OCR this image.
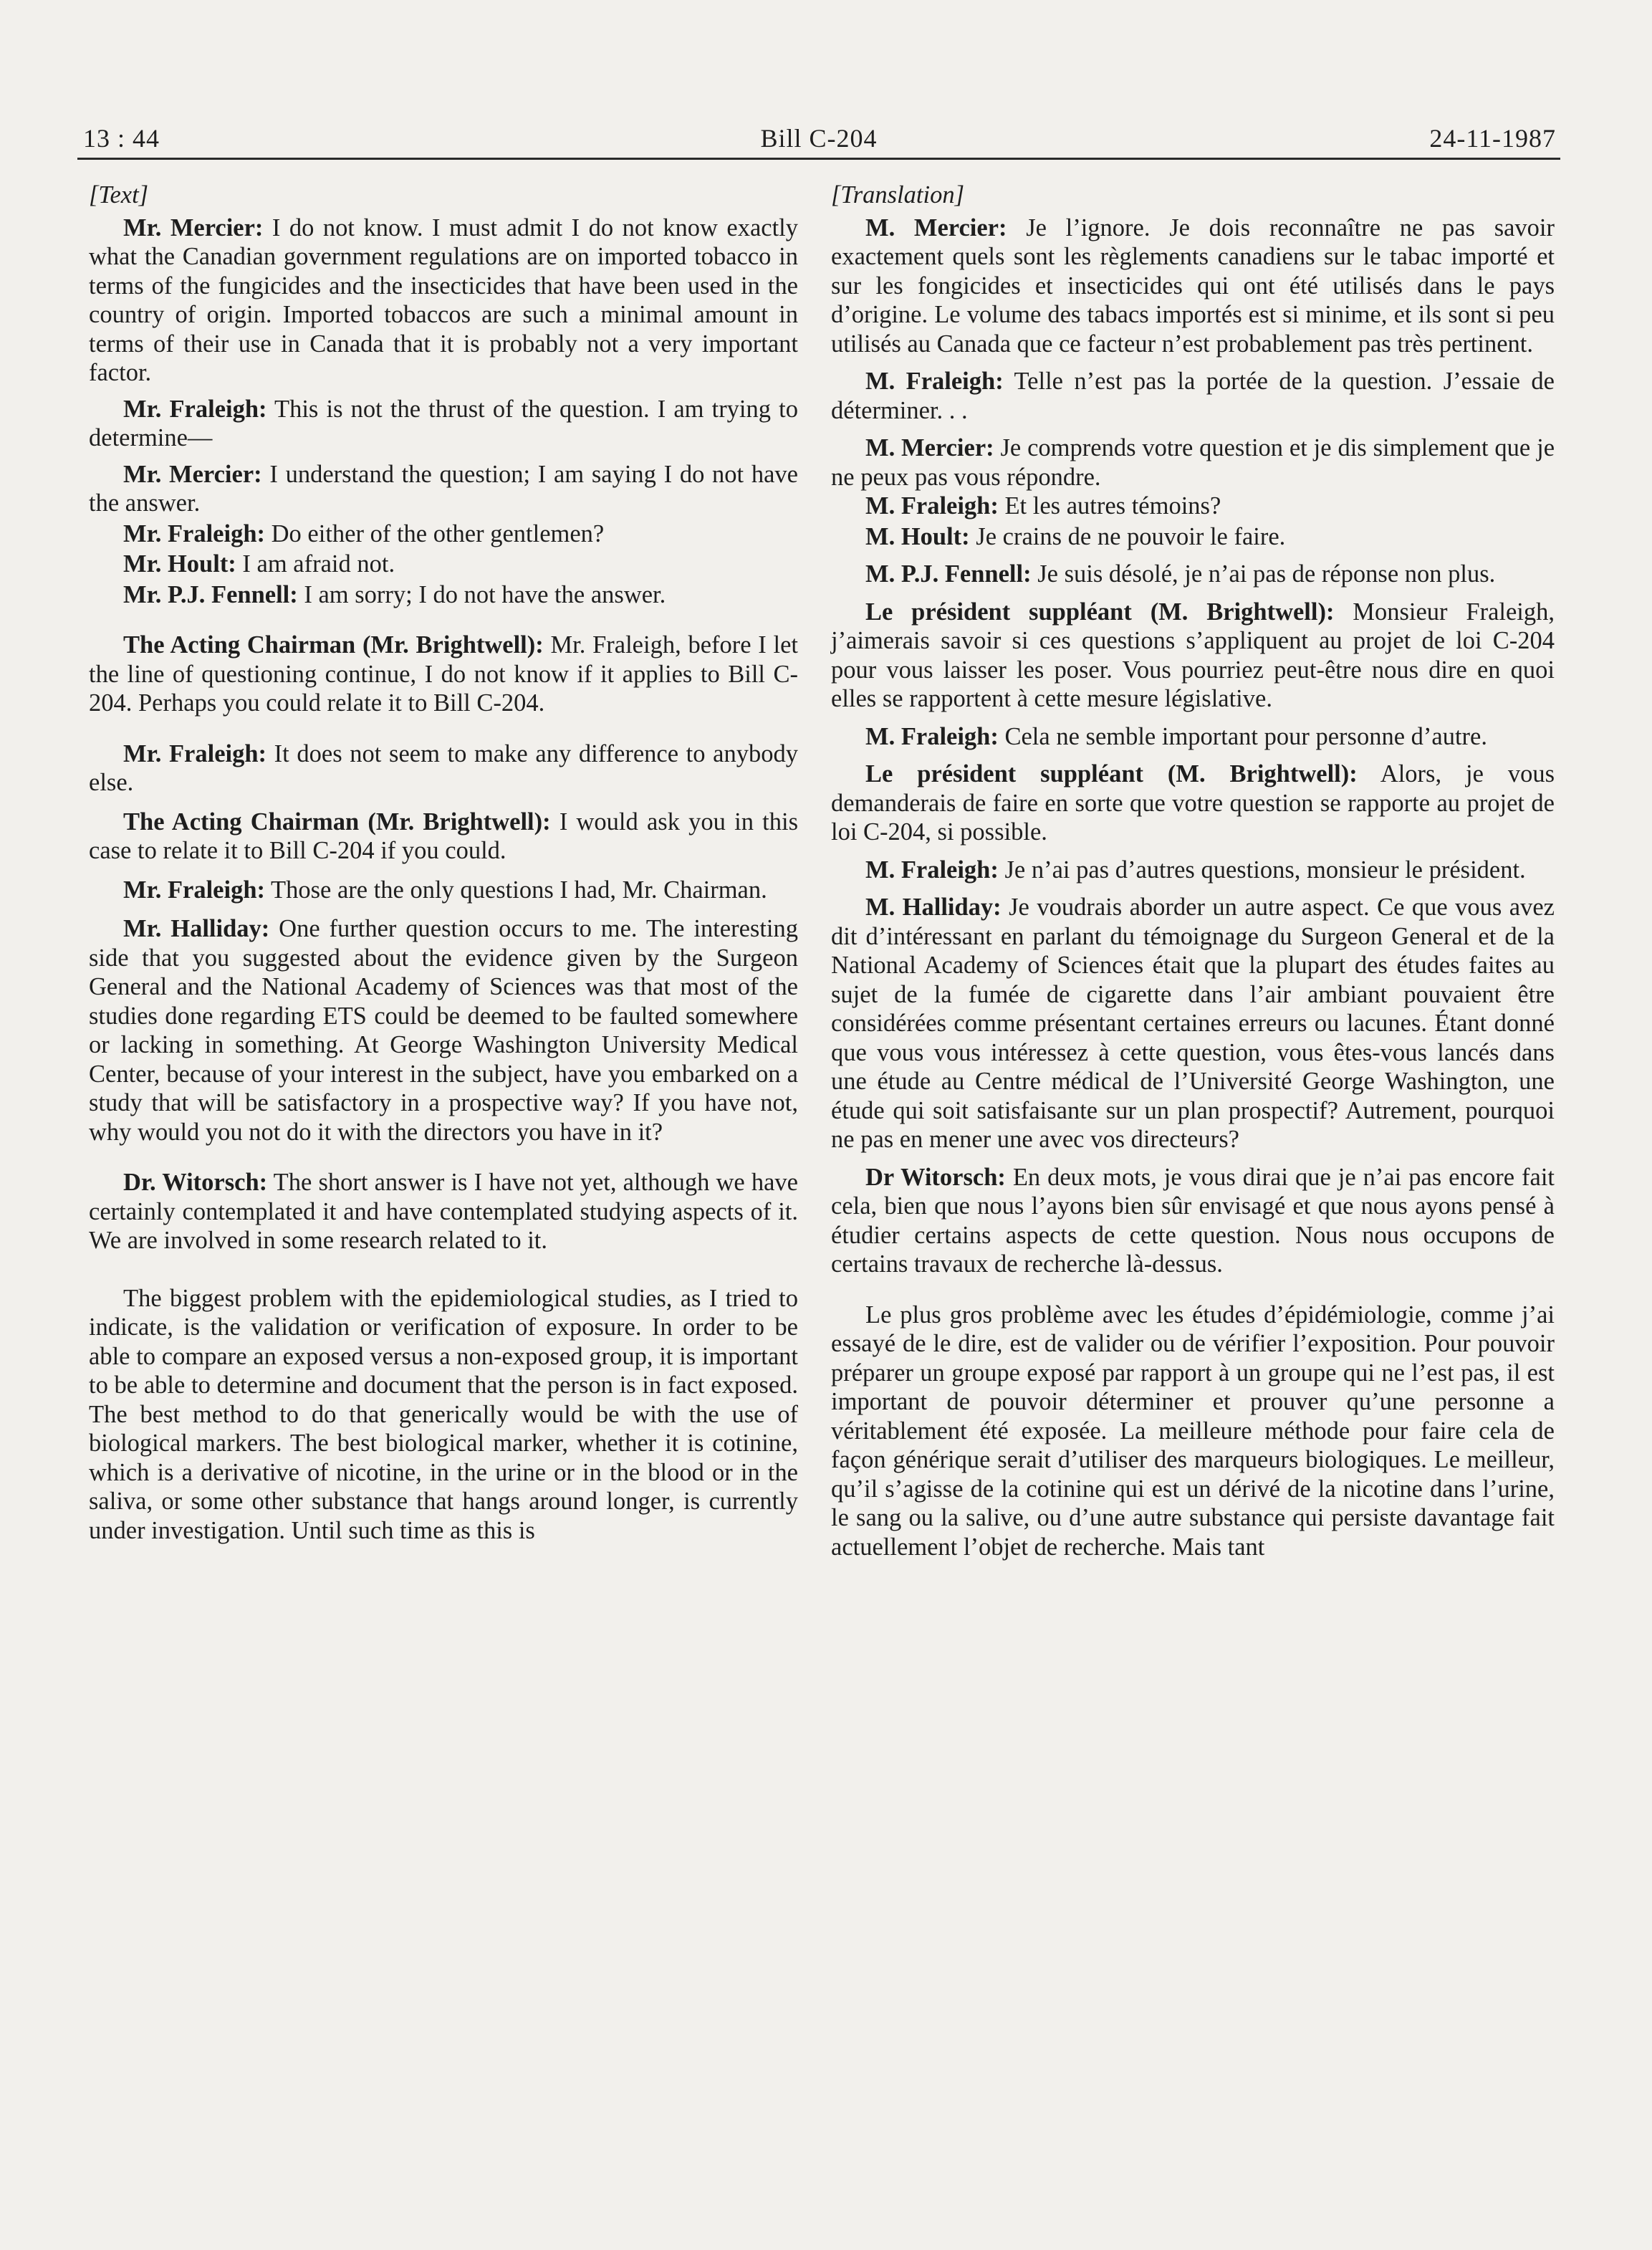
13 : 44	Bill C-204	24-11-1987
[Text]

Mr. Mercier: I do not know. I must admit I do not know exactly what the Canadian government regulations are on imported tobacco in terms of the fungicides and the insecticides that have been used in the country of origin. Imported tobaccos are such a minimal amount in terms of their use in Canada that it is probably not a very important factor.

Mr. Fraleigh: This is not the thrust of the question. I am trying to determine—

Mr. Mercier: I understand the question; I am saying I do not have the answer.

Mr. Fraleigh: Do either of the other gentlemen?

Mr. Hoult: I am afraid not.

Mr. P.J. Fennell: I am sorry; I do not have the answer.

The Acting Chairman (Mr. Brightwell): Mr. Fraleigh, before I let the line of questioning continue, I do not know if it applies to Bill C-204. Perhaps you could relate it to Bill C-204.

Mr. Fraleigh: It does not seem to make any difference to anybody else.

The Acting Chairman (Mr. Brightwell): I would ask you in this case to relate it to Bill C-204 if you could.

Mr. Fraleigh: Those are the only questions I had, Mr. Chairman.

Mr. Halliday: One further question occurs to me. The interesting side that you suggested about the evidence given by the Surgeon General and the National Academy of Sciences was that most of the studies done regarding ETS could be deemed to be faulted somewhere or lacking in something. At George Washington University Medical Center, because of your interest in the subject, have you embarked on a study that will be satisfactory in a prospective way? If you have not, why would you not do it with the directors you have in it?

Dr. Witorsch: The short answer is I have not yet, although we have certainly contemplated it and have contemplated studying aspects of it. We are involved in some research related to it.

The biggest problem with the epidemiological studies, as I tried to indicate, is the validation or verification of exposure. In order to be able to compare an exposed versus a non-exposed group, it is important to be able to determine and document that the person is in fact exposed. The best method to do that generically would be with the use of biological markers. The best biological marker, whether it is cotinine, which is a derivative of nicotine, in the urine or in the blood or in the saliva, or some other substance that hangs around longer, is currently under investigation. Until such time as this is

[Translation]

M. Mercier: Je l’ignore. Je dois reconnaître ne pas savoir exactement quels sont les règlements canadiens sur le tabac importé et sur les fongicides et insecticides qui ont été utilisés dans le pays d’origine. Le volume des tabacs importés est si minime, et ils sont si peu utilisés au Canada que ce facteur n’est probablement pas très pertinent.

M. Fraleigh: Telle n’est pas la portée de la question. J’essaie de déterminer. . .

M. Mercier: Je comprends votre question et je dis simplement que je ne peux pas vous répondre.

M. Fraleigh: Et les autres témoins?

M. Hoult: Je crains de ne pouvoir le faire.

M. P.J. Fennell: Je suis désolé, je n’ai pas de réponse non plus.

Le président suppléant (M. Brightwell): Monsieur Fraleigh, j’aimerais savoir si ces questions s’appliquent au projet de loi C-204 pour vous laisser les poser. Vous pourriez peut-être nous dire en quoi elles se rapportent à cette mesure législative.

M. Fraleigh: Cela ne semble important pour personne d’autre.

Le président suppléant (M. Brightwell): Alors, je vous demanderais de faire en sorte que votre question se rapporte au projet de loi C-204, si possible.

M. Fraleigh: Je n’ai pas d’autres questions, monsieur le président.

M. Halliday: Je voudrais aborder un autre aspect. Ce que vous avez dit d’intéressant en parlant du témoignage du Surgeon General et de la National Academy of Sciences était que la plupart des études faites au sujet de la fumée de cigarette dans l’air ambiant pouvaient être considérées comme présentant certaines erreurs ou lacunes. Étant donné que vous vous intéressez à cette question, vous êtes-vous lancés dans une étude au Centre médical de l’Université George Washington, une étude qui soit satisfaisante sur un plan prospectif? Autrement, pourquoi ne pas en mener une avec vos directeurs?

Dr Witorsch: En deux mots, je vous dirai que je n’ai pas encore fait cela, bien que nous l’ayons bien sûr envisagé et que nous ayons pensé à étudier certains aspects de cette question. Nous nous occupons de certains travaux de recherche là-dessus.

Le plus gros problème avec les études d’épidémiologie, comme j’ai essayé de le dire, est de valider ou de vérifier l’exposition. Pour pouvoir préparer un groupe exposé par rapport à un groupe qui ne l’est pas, il est important de pouvoir déterminer et prouver qu’une personne a véritablement été exposée. La meilleure méthode pour faire cela de façon générique serait d’utiliser des marqueurs biologiques. Le meilleur, qu’il s’agisse de la cotinine qui est un dérivé de la nicotine dans l’urine, le sang ou la salive, ou d’une autre substance qui persiste davantage fait actuellement l’objet de recherche. Mais tant
